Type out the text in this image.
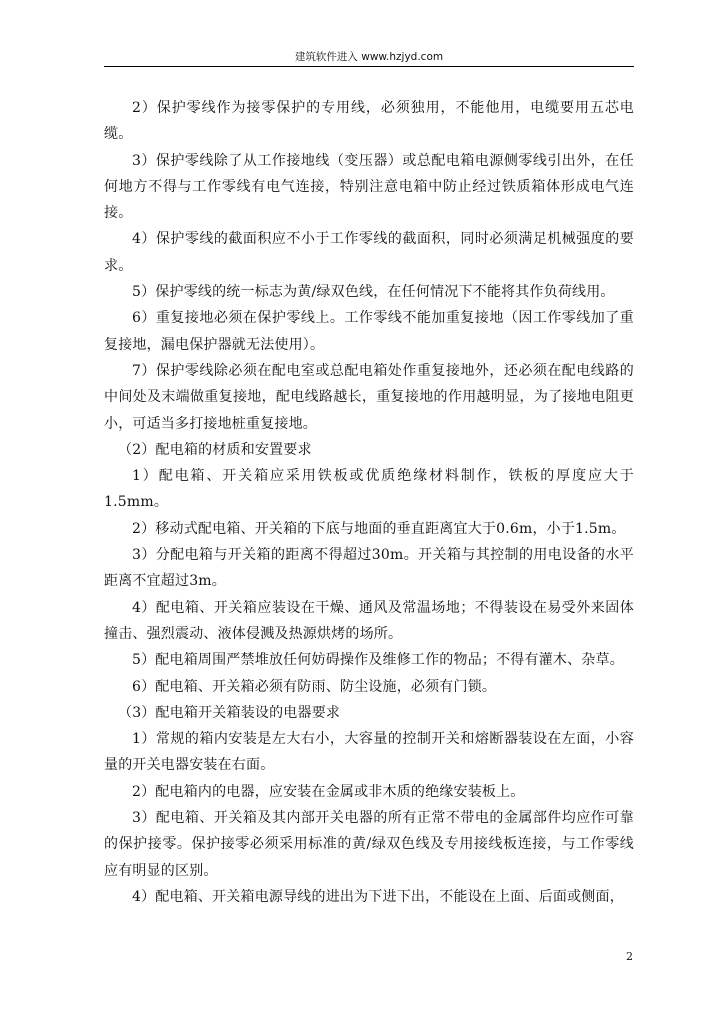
建筑软件进入 www.hzjyd.com

2）保护零线作为接零保护的专用线，必须独用，不能他用，电缆要用五芯电缆。

3）保护零线除了从工作接地线（变压器）或总配电箱电源侧零线引出外，在任何地方不得与工作零线有电气连接，特别注意电箱中防止经过铁质箱体形成电气连接。

4）保护零线的截面积应不小于工作零线的截面积，同时必须满足机械强度的要求。

5）保护零线的统一标志为黄/绿双色线，在任何情况下不能将其作负荷线用。

6）重复接地必须在保护零线上。工作零线不能加重复接地（因工作零线加了重复接地，漏电保护器就无法使用）。

7）保护零线除必须在配电室或总配电箱处作重复接地外，还必须在配电线路的中间处及末端做重复接地，配电线路越长，重复接地的作用越明显，为了接地电阻更小，可适当多打接地桩重复接地。

（2）配电箱的材质和安置要求

1）配电箱、开关箱应采用铁板或优质绝缘材料制作，铁板的厚度应大于1.5mm。

2）移动式配电箱、开关箱的下底与地面的垂直距离宜大于0.6m，小于1.5m。

3）分配电箱与开关箱的距离不得超过30m。开关箱与其控制的用电设备的水平距离不宜超过3m。

4）配电箱、开关箱应装设在干燥、通风及常温场地；不得装设在易受外来固体撞击、强烈震动、液体侵溅及热源烘烤的场所。

5）配电箱周围严禁堆放任何妨碍操作及维修工作的物品；不得有灌木、杂草。

6）配电箱、开关箱必须有防雨、防尘设施，必须有门锁。

（3）配电箱开关箱装设的电器要求

1）常规的箱内安装是左大右小，大容量的控制开关和熔断器装设在左面，小容量的开关电器安装在右面。

2）配电箱内的电器，应安装在金属或非木质的绝缘安装板上。

3）配电箱、开关箱及其内部开关电器的所有正常不带电的金属部件均应作可靠的保护接零。保护接零必须采用标准的黄/绿双色线及专用接线板连接，与工作零线应有明显的区别。

4）配电箱、开关箱电源导线的进出为下进下出，不能设在上面、后面或侧面，

2
